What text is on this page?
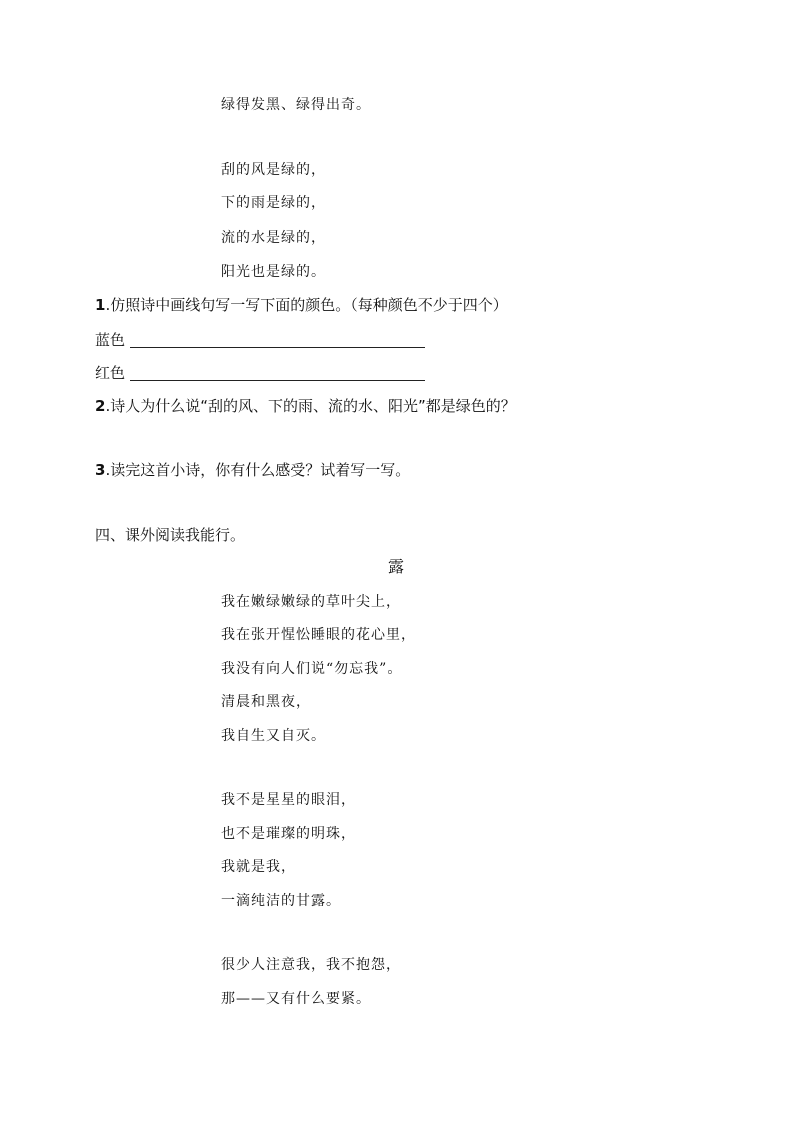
绿得发黑、绿得出奇。
刮的风是绿的，
下的雨是绿的，
流的水是绿的，
阳光也是绿的。
1.仿照诗中画线句写一写下面的颜色。（每种颜色不少于四个）
蓝色
红色
2.诗人为什么说“刮的风、下的雨、流的水、阳光”都是绿色的？
3.读完这首小诗，你有什么感受？试着写一写。
四、课外阅读我能行。
露
我在嫩绿嫩绿的草叶尖上，
我在张开惺忪睡眼的花心里，
我没有向人们说“勿忘我”。
清晨和黑夜，
我自生又自灭。
我不是星星的眼泪，
也不是璀璨的明珠，
我就是我，
一滴纯洁的甘露。
很少人注意我，我不抱怨，
那——又有什么要紧。
